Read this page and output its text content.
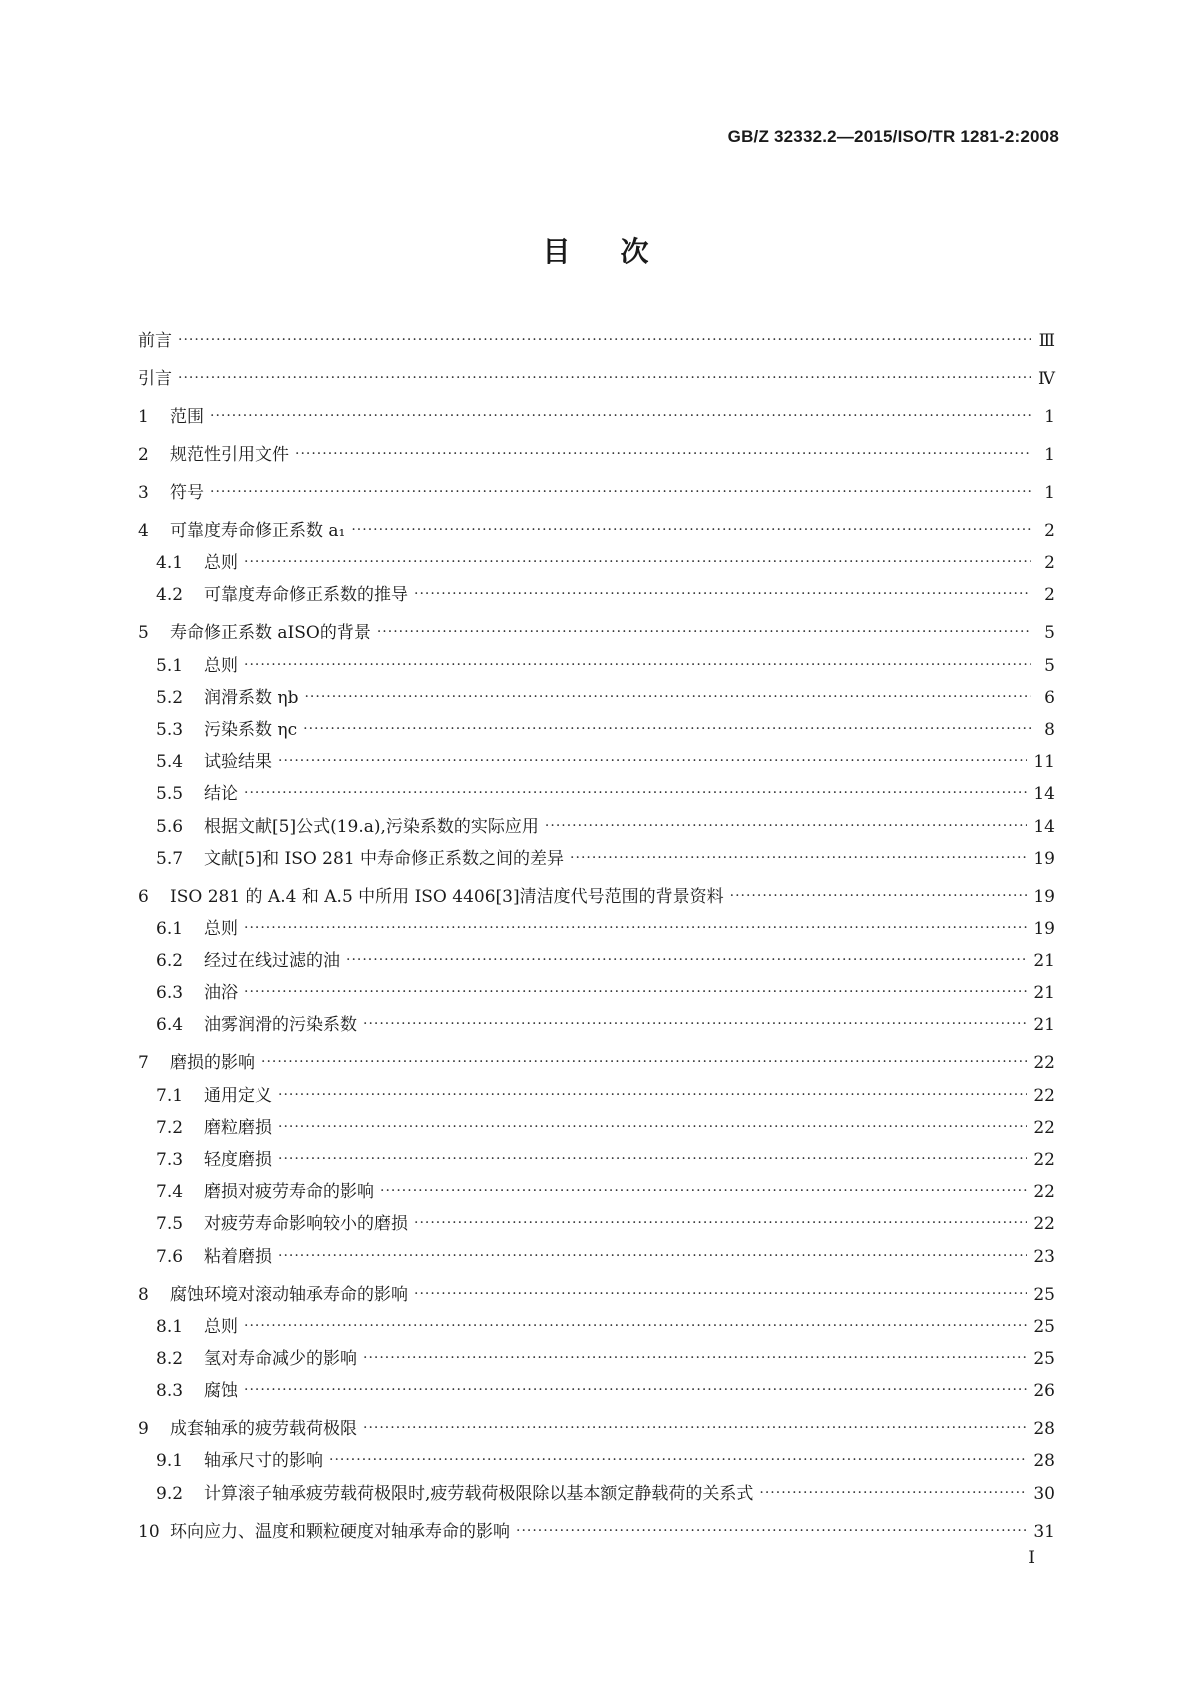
GB/Z 32332.2—2015/ISO/TR 1281-2:2008
目次
前言 ·····	Ⅲ
引言 ·····	Ⅳ
1	范围 ·····	1
2	规范性引用文件 ·····	1
3	符号 ·····	1
4	可靠度寿命修正系数 a₁ ·····	2
4.1 总则 ·····	2
4.2 可靠度寿命修正系数的推导 ·····	2
5	寿命修正系数 aISO的背景 ·····	5
5.1 总则 ·····	5
5.2 润滑系数 ηb ·····	6
5.3 污染系数 ηc ·····	8
5.4 试验结果 ·····	11
5.5 结论 ·····	14
5.6 根据文献[5]公式(19.a),污染系数的实际应用 ·····	14
5.7 文献[5]和 ISO 281 中寿命修正系数之间的差异 ·····	19
6	ISO 281 的 A.4 和 A.5 中所用 ISO 4406[3]清洁度代号范围的背景资料 ·····	19
6.1 总则 ·····	19
6.2 经过在线过滤的油 ·····	21
6.3 油浴 ·····	21
6.4 油雾润滑的污染系数 ·····	21
7	磨损的影响 ·····	22
7.1 通用定义 ·····	22
7.2 磨粒磨损 ·····	22
7.3 轻度磨损 ·····	22
7.4 磨损对疲劳寿命的影响 ·····	22
7.5 对疲劳寿命影响较小的磨损 ·····	22
7.6 粘着磨损 ·····	23
8	腐蚀环境对滚动轴承寿命的影响 ·····	25
8.1 总则 ·····	25
8.2 氢对寿命减少的影响 ·····	25
8.3 腐蚀 ·····	26
9	成套轴承的疲劳载荷极限 ·····	28
9.1 轴承尺寸的影响 ·····	28
9.2 计算滚子轴承疲劳载荷极限时,疲劳载荷极限除以基本额定静载荷的关系式 ·····	30
10 环向应力、温度和颗粒硬度对轴承寿命的影响 ·····	31
I
